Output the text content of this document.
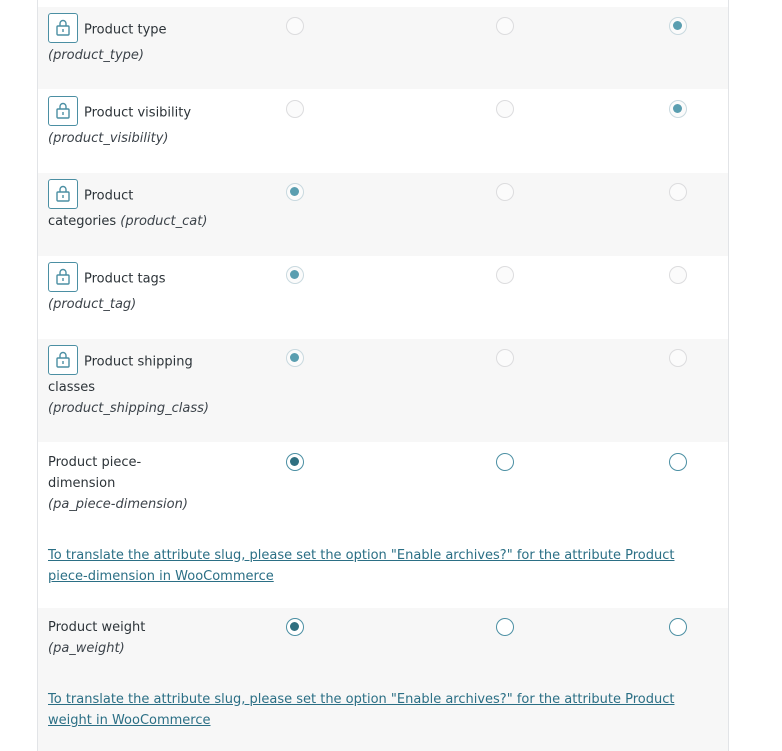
Product type
(product_type)
Product visibility
(product_visibility)
Product
categories (product_cat)
Product tags
(product_tag)
Product shipping
classes
(product_shipping_class)
Product piece-
dimension
(pa_piece-dimension)
To translate the attribute slug, please set the option "Enable archives?" for the attribute Product piece-dimension in WooCommerce
Product weight
(pa_weight)
To translate the attribute slug, please set the option "Enable archives?" for the attribute Product weight in WooCommerce
